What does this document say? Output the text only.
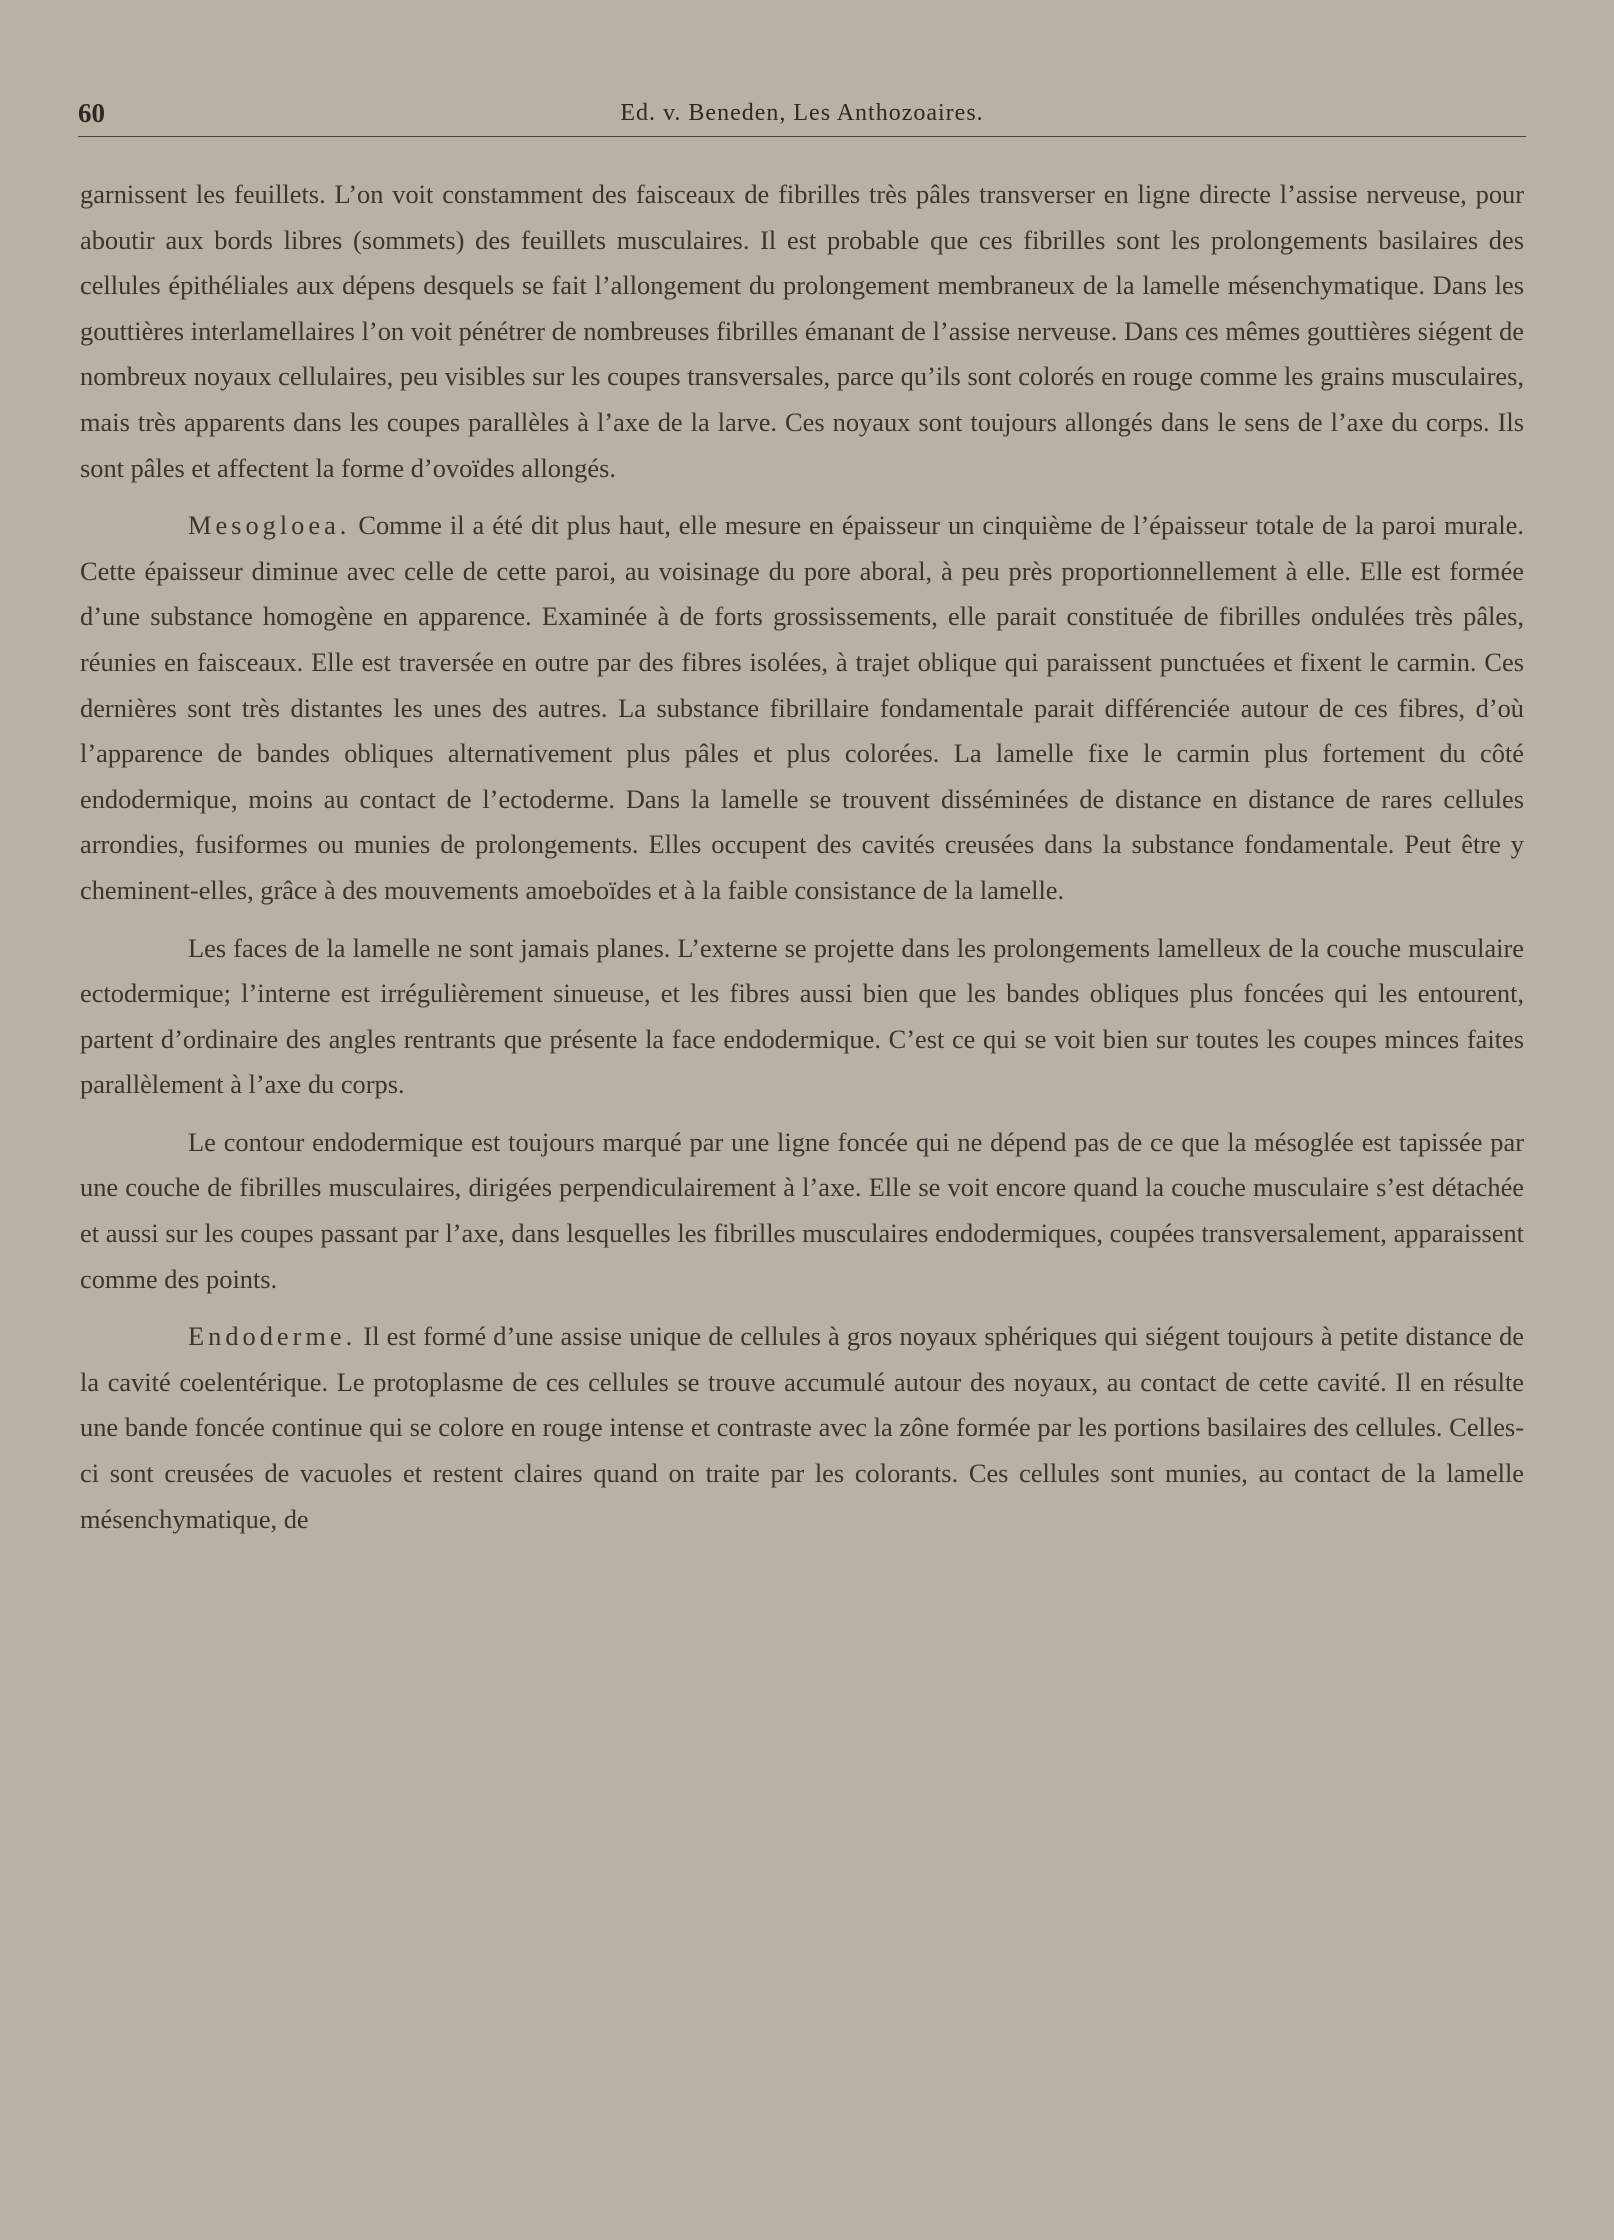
60	Ed. v. Beneden, Les Anthozoaires.

garnissent les feuillets. L’on voit constamment des faisceaux de fibrilles très pâles transverser en ligne directe l’assise nerveuse, pour aboutir aux bords libres (sommets) des feuillets musculaires. Il est probable que ces fibrilles sont les prolongements basilaires des cellules épithéliales aux dépens desquels se fait l’allongement du prolongement membraneux de la lamelle mésenchymatique. Dans les gouttières interlamellaires l’on voit pénétrer de nombreuses fibrilles émanant de l’assise nerveuse. Dans ces mêmes gouttières siégent de nombreux noyaux cellulaires, peu visibles sur les coupes transversales, parce qu’ils sont colorés en rouge comme les grains musculaires, mais très apparents dans les coupes parallèles à l’axe de la larve. Ces noyaux sont toujours allongés dans le sens de l’axe du corps. Ils sont pâles et affectent la forme d’ovoïdes allongés.

Mesogloea. Comme il a été dit plus haut, elle mesure en épaisseur un cinquième de l’épaisseur totale de la paroi murale. Cette épaisseur diminue avec celle de cette paroi, au voisinage du pore aboral, à peu près proportionnellement à elle. Elle est formée d’une substance homogène en apparence. Examinée à de forts grossissements, elle parait constituée de fibrilles ondulées très pâles, réunies en faisceaux. Elle est traversée en outre par des fibres isolées, à trajet oblique qui paraissent punctuées et fixent le carmin. Ces dernières sont très distantes les unes des autres. La substance fibrillaire fondamentale parait différenciée autour de ces fibres, d’où l’apparence de bandes obliques alternativement plus pâles et plus colorées. La lamelle fixe le carmin plus fortement du côté endodermique, moins au contact de l’ectoderme. Dans la lamelle se trouvent disséminées de distance en distance de rares cellules arrondies, fusiformes ou munies de prolongements. Elles occupent des cavités creusées dans la substance fondamentale. Peut être y cheminent-elles, grâce à des mouvements amoeboïdes et à la faible consistance de la lamelle.

Les faces de la lamelle ne sont jamais planes. L’externe se projette dans les prolongements lamelleux de la couche musculaire ectodermique; l’interne est irrégulièrement sinueuse, et les fibres aussi bien que les bandes obliques plus foncées qui les entourent, partent d’ordinaire des angles rentrants que présente la face endodermique. C’est ce qui se voit bien sur toutes les coupes minces faites parallèlement à l’axe du corps.

Le contour endodermique est toujours marqué par une ligne foncée qui ne dépend pas de ce que la mésoglée est tapissée par une couche de fibrilles musculaires, dirigées perpendiculairement à l’axe. Elle se voit encore quand la couche musculaire s’est détachée et aussi sur les coupes passant par l’axe, dans lesquelles les fibrilles musculaires endodermiques, coupées transversalement, apparaissent comme des points.

Endoderme. Il est formé d’une assise unique de cellules à gros noyaux sphériques qui siégent toujours à petite distance de la cavité coelentérique. Le protoplasme de ces cellules se trouve accumulé autour des noyaux, au contact de cette cavité. Il en résulte une bande foncée continue qui se colore en rouge intense et contraste avec la zône formée par les portions basilaires des cellules. Celles-ci sont creusées de vacuoles et restent claires quand on traite par les colorants. Ces cellules sont munies, au contact de la lamelle mésenchymatique, de
